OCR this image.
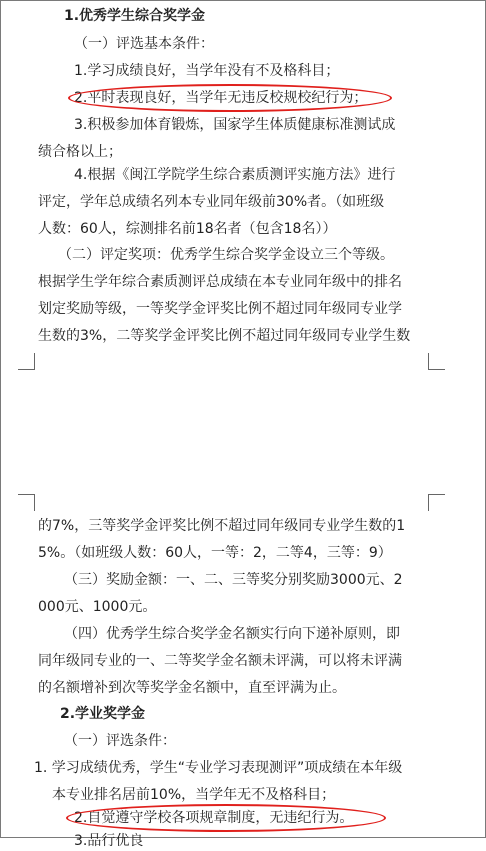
1.优秀学生综合奖学金
（一）评选基本条件：
1.学习成绩良好，当学年没有不及格科目；
2.平时表现良好，当学年无违反校规校纪行为；
3.积极参加体育锻炼，国家学生体质健康标准测试成
绩合格以上；
4.根据《闽江学院学生综合素质测评实施方法》进行
评定，学年总成绩名列本专业同年级前30%者。（如班级
人数：60人，综测排名前18名者（包含18名））
（二）评定奖项：优秀学生综合奖学金设立三个等级。
根据学生学年综合素质测评总成绩在本专业同年级中的排名
划定奖励等级，一等奖学金评奖比例不超过同年级同专业学
生数的3%，二等奖学金评奖比例不超过同年级同专业学生数
的7%，三等奖学金评奖比例不超过同年级同专业学生数的1
5%。（如班级人数：60人，一等：2，二等4，三等：9）
（三）奖励金额：一、二、三等奖分别奖励3000元、2
000元、1000元。
（四）优秀学生综合奖学金名额实行向下递补原则，即
同年级同专业的一、二等奖学金名额未评满，可以将未评满
的名额增补到次等奖学金名额中，直至评满为止。
2.学业奖学金
（一）评选条件：
1. 学习成绩优秀，学生“专业学习表现测评”项成绩在本年级
本专业排名居前10%，当学年无不及格科目；
2.自觉遵守学校各项规章制度，无违纪行为。
3.品行优良
